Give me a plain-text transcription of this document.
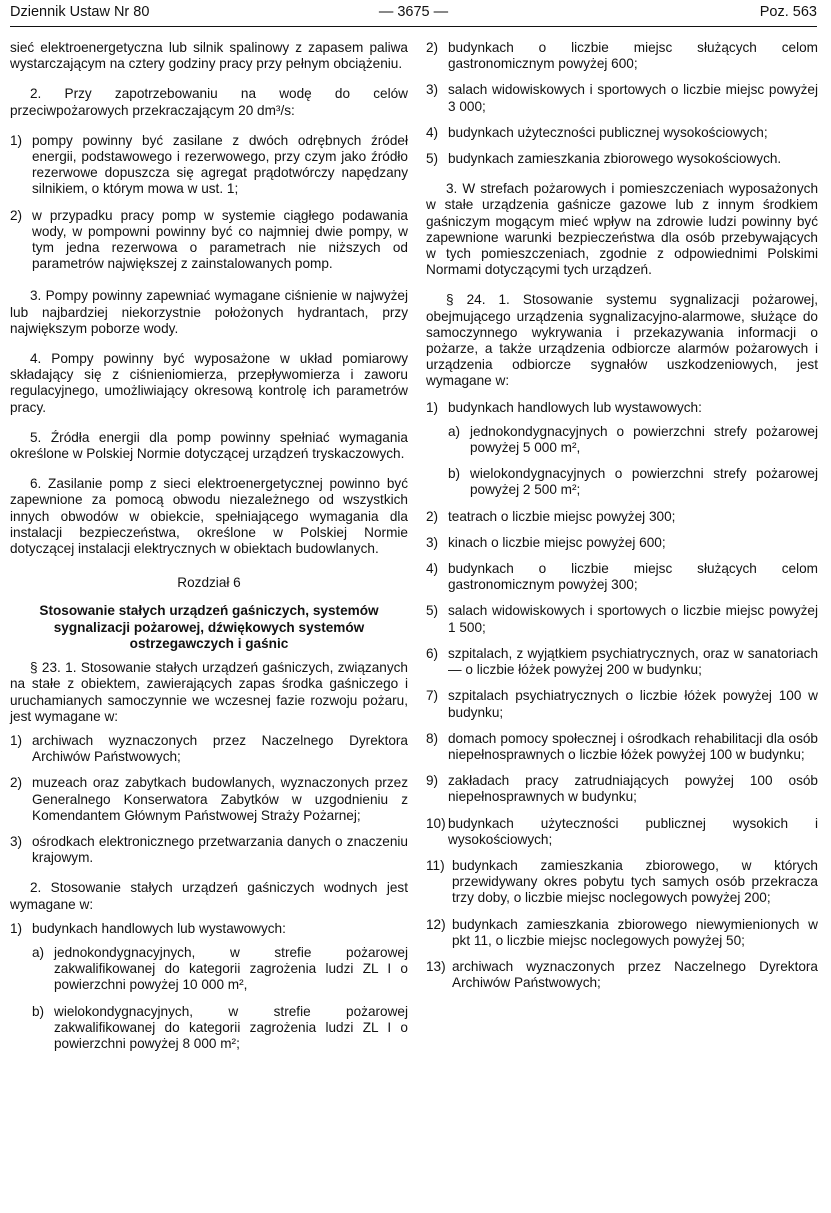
Dziennik Ustaw Nr 80	— 3675 —	Poz. 563

sieć elektroenergetyczna lub silnik spalinowy z zapasem paliwa wystarczającym na cztery godziny pracy przy pełnym obciążeniu.

2. Przy zapotrzebowaniu na wodę do celów przeciwpożarowych przekraczającym 20 dm³/s:

1) pompy powinny być zasilane z dwóch odrębnych źródeł energii, podstawowego i rezerwowego, przy czym jako źródło rezerwowe dopuszcza się agregat prądotwórczy napędzany silnikiem, o którym mowa w ust. 1;
2) w przypadku pracy pomp w systemie ciągłego podawania wody, w pompowni powinny być co najmniej dwie pompy, w tym jedna rezerwowa o parametrach nie niższych od parametrów największej z zainstalowanych pomp.

3. Pompy powinny zapewniać wymagane ciśnienie w najwyżej lub najbardziej niekorzystnie położonych hydrantach, przy największym poborze wody.

4. Pompy powinny być wyposażone w układ pomiarowy składający się z ciśnieniomierza, przepływomierza i zaworu regulacyjnego, umożliwiający okresową kontrolę ich parametrów pracy.

5. Źródła energii dla pomp powinny spełniać wymagania określone w Polskiej Normie dotyczącej urządzeń tryskaczowych.

6. Zasilanie pomp z sieci elektroenergetycznej powinno być zapewnione za pomocą obwodu niezależnego od wszystkich innych obwodów w obiekcie, spełniającego wymagania dla instalacji bezpieczeństwa, określone w Polskiej Normie dotyczącej instalacji elektrycznych w obiektach budowlanych.

Rozdział 6
Stosowanie stałych urządzeń gaśniczych, systemów sygnalizacji pożarowej, dźwiękowych systemów ostrzegawczych i gaśnic

§ 23. 1. Stosowanie stałych urządzeń gaśniczych, związanych na stałe z obiektem, zawierających zapas środka gaśniczego i uruchamianych samoczynnie we wczesnej fazie rozwoju pożaru, jest wymagane w:

1) archiwach wyznaczonych przez Naczelnego Dyrektora Archiwów Państwowych;
2) muzeach oraz zabytkach budowlanych, wyznaczonych przez Generalnego Konserwatora Zabytków w uzgodnieniu z Komendantem Głównym Państwowej Straży Pożarnej;
3) ośrodkach elektronicznego przetwarzania danych o znaczeniu krajowym.

2. Stosowanie stałych urządzeń gaśniczych wodnych jest wymagane w:

1) budynkach handlowych lub wystawowych:
a) jednokondygnacyjnych, w strefie pożarowej zakwalifikowanej do kategorii zagrożenia ludzi ZL I o powierzchni powyżej 10 000 m²,
b) wielokondygnacyjnych, w strefie pożarowej zakwalifikowanej do kategorii zagrożenia ludzi ZL I o powierzchni powyżej 8 000 m²;
2) budynkach o liczbie miejsc służących celom gastronomicznym powyżej 600;
3) salach widowiskowych i sportowych o liczbie miejsc powyżej 3 000;
4) budynkach użyteczności publicznej wysokościowych;
5) budynkach zamieszkania zbiorowego wysokościowych.

3. W strefach pożarowych i pomieszczeniach wyposażonych w stałe urządzenia gaśnicze gazowe lub z innym środkiem gaśniczym mogącym mieć wpływ na zdrowie ludzi powinny być zapewnione warunki bezpieczeństwa dla osób przebywających w tych pomieszczeniach, zgodnie z odpowiednimi Polskimi Normami dotyczącymi tych urządzeń.

§ 24. 1. Stosowanie systemu sygnalizacji pożarowej, obejmującego urządzenia sygnalizacyjno-alarmowe, służące do samoczynnego wykrywania i przekazywania informacji o pożarze, a także urządzenia odbiorcze alarmów pożarowych i urządzenia odbiorcze sygnałów uszkodzeniowych, jest wymagane w:

1) budynkach handlowych lub wystawowych:
a) jednokondygnacyjnych o powierzchni strefy pożarowej powyżej 5 000 m²,
b) wielokondygnacyjnych o powierzchni strefy pożarowej powyżej 2 500 m²;
2) teatrach o liczbie miejsc powyżej 300;
3) kinach o liczbie miejsc powyżej 600;
4) budynkach o liczbie miejsc służących celom gastronomicznym powyżej 300;
5) salach widowiskowych i sportowych o liczbie miejsc powyżej 1 500;
6) szpitalach, z wyjątkiem psychiatrycznych, oraz w sanatoriach — o liczbie łóżek powyżej 200 w budynku;
7) szpitalach psychiatrycznych o liczbie łóżek powyżej 100 w budynku;
8) domach pomocy społecznej i ośrodkach rehabilitacji dla osób niepełnosprawnych o liczbie łóżek powyżej 100 w budynku;
9) zakładach pracy zatrudniających powyżej 100 osób niepełnosprawnych w budynku;
10) budynkach użyteczności publicznej wysokich i wysokościowych;
11) budynkach zamieszkania zbiorowego, w których przewidywany okres pobytu tych samych osób przekracza trzy doby, o liczbie miejsc noclegowych powyżej 200;
12) budynkach zamieszkania zbiorowego niewymienionych w pkt 11, o liczbie miejsc noclegowych powyżej 50;
13) archiwach wyznaczonych przez Naczelnego Dyrektora Archiwów Państwowych;
